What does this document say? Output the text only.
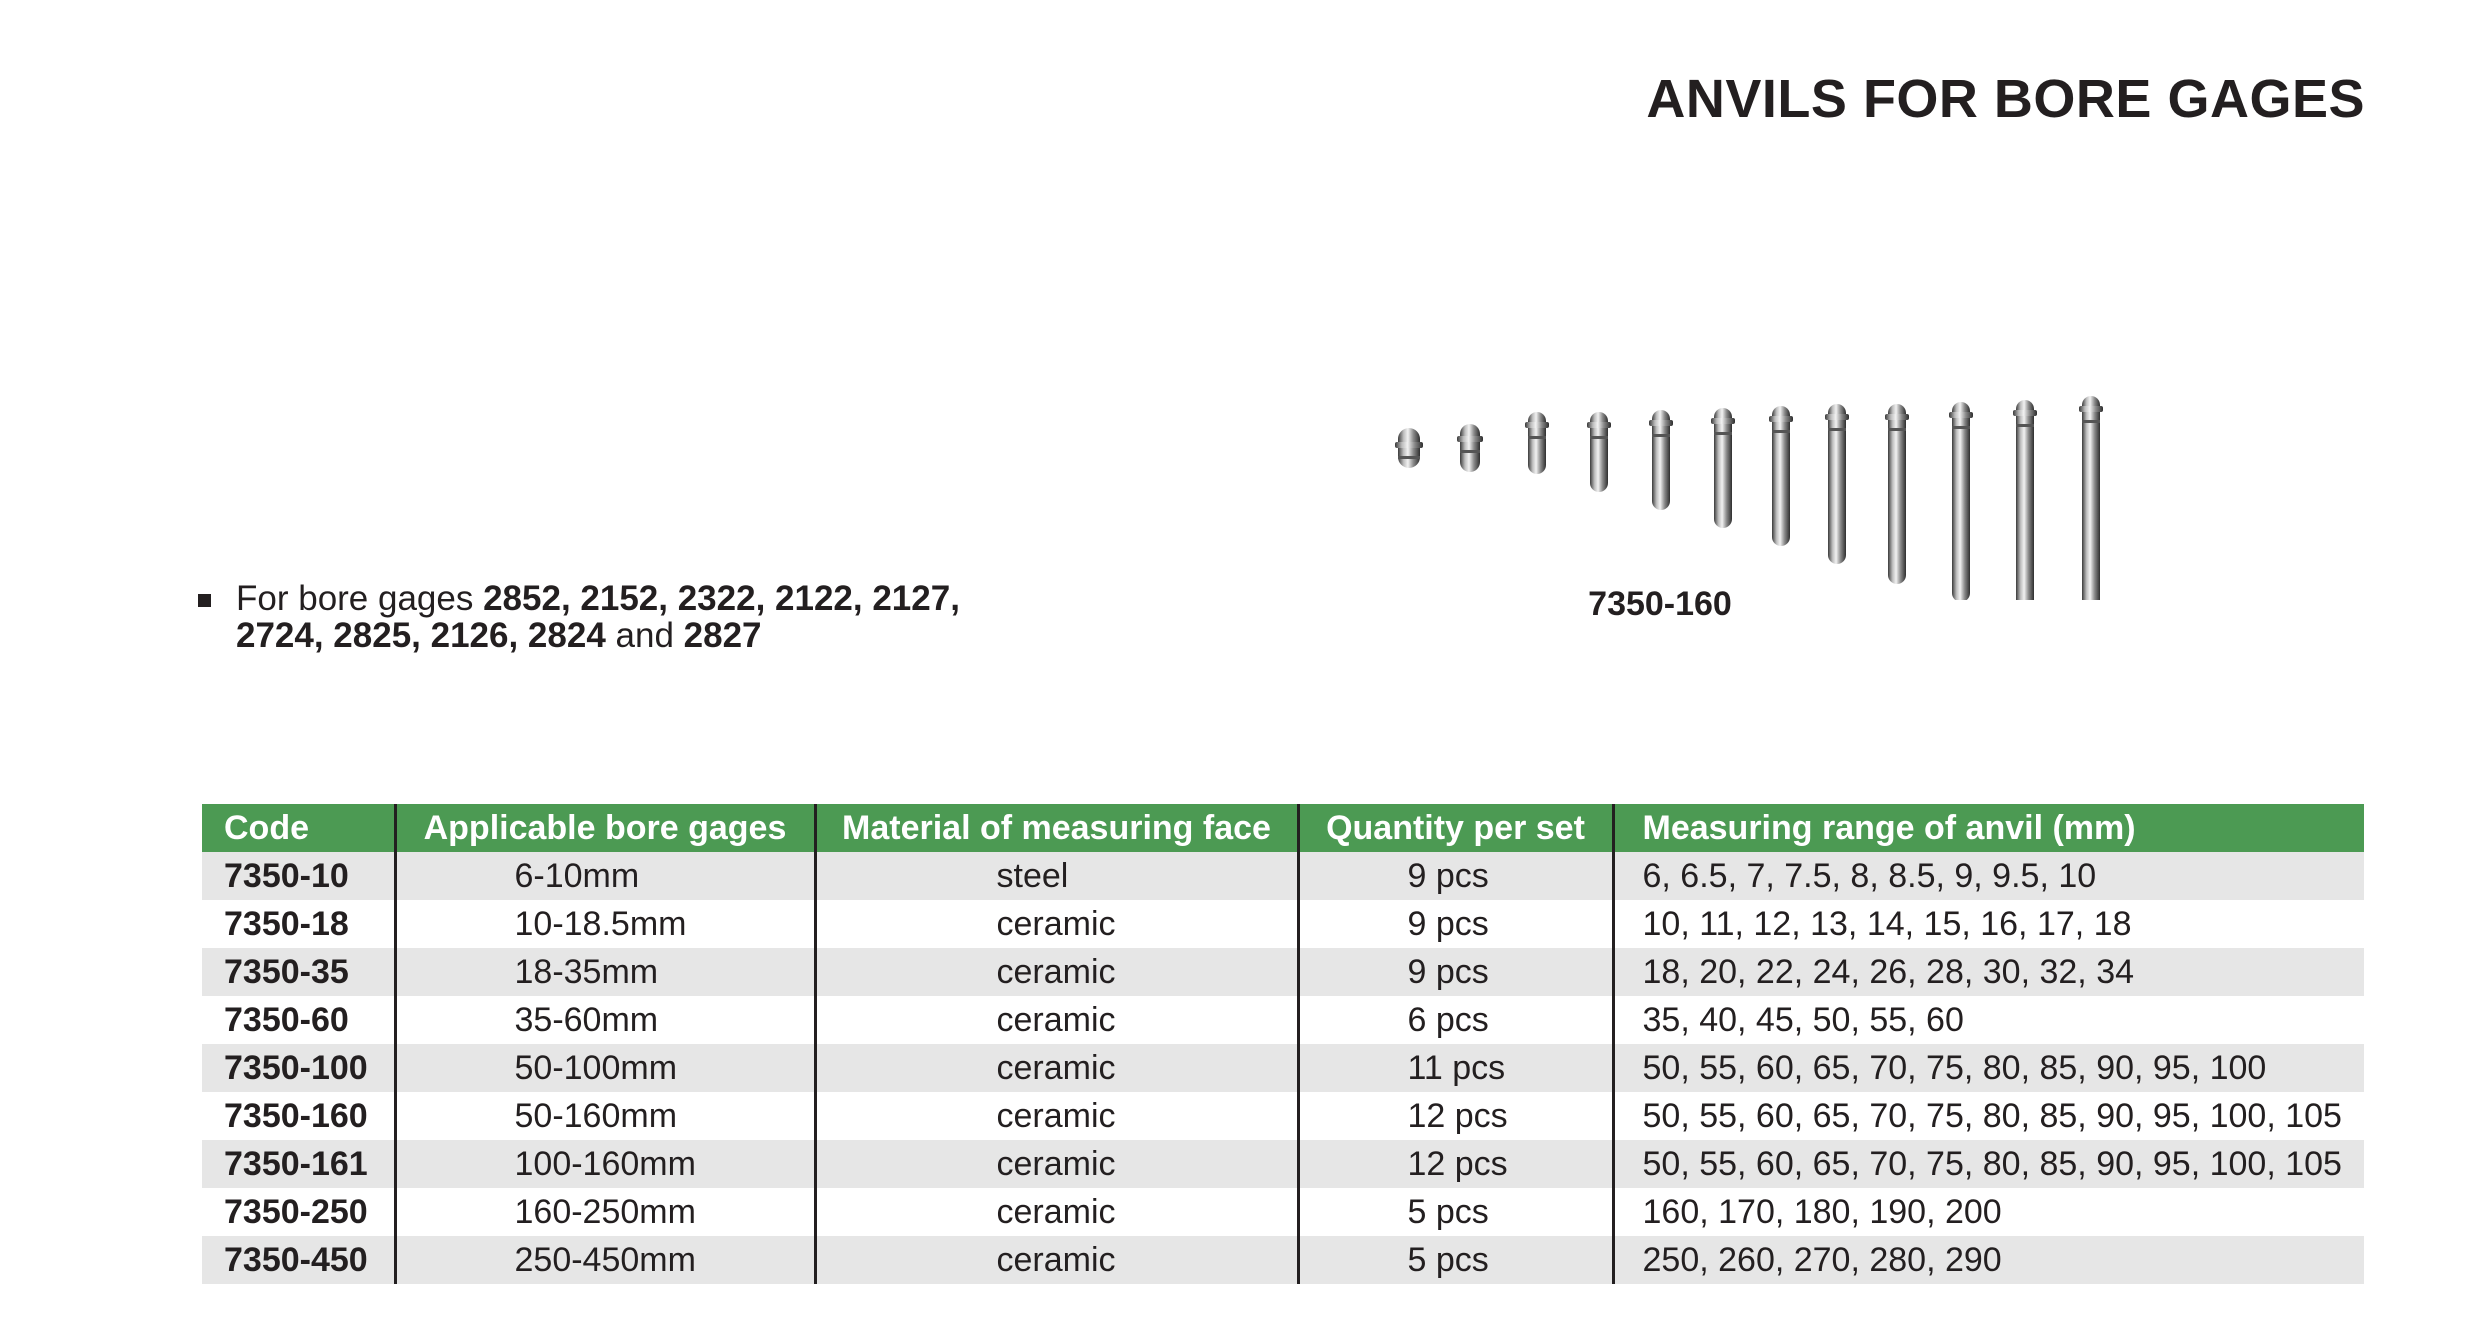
ANVILS FOR BORE GAGES
7350-160
For bore gages 2852, 2152, 2322, 2122, 2127,
2724, 2825, 2126, 2824 and 2827
Code	Applicable bore gages	Material of measuring face	Quantity per set	Measuring range of anvil (mm)
7350-10	6-10mm	steel	9 pcs	6, 6.5, 7, 7.5, 8, 8.5, 9, 9.5, 10
7350-18	10-18.5mm	ceramic	9 pcs	10, 11, 12, 13, 14, 15, 16, 17, 18
7350-35	18-35mm	ceramic	9 pcs	18, 20, 22, 24, 26, 28, 30, 32, 34
7350-60	35-60mm	ceramic	6 pcs	35, 40, 45, 50, 55, 60
7350-100	50-100mm	ceramic	11 pcs	50, 55, 60, 65, 70, 75, 80, 85, 90, 95, 100
7350-160	50-160mm	ceramic	12 pcs	50, 55, 60, 65, 70, 75, 80, 85, 90, 95, 100, 105
7350-161	100-160mm	ceramic	12 pcs	50, 55, 60, 65, 70, 75, 80, 85, 90, 95, 100, 105
7350-250	160-250mm	ceramic	5 pcs	160, 170, 180, 190, 200
7350-450	250-450mm	ceramic	5 pcs	250, 260, 270, 280, 290
